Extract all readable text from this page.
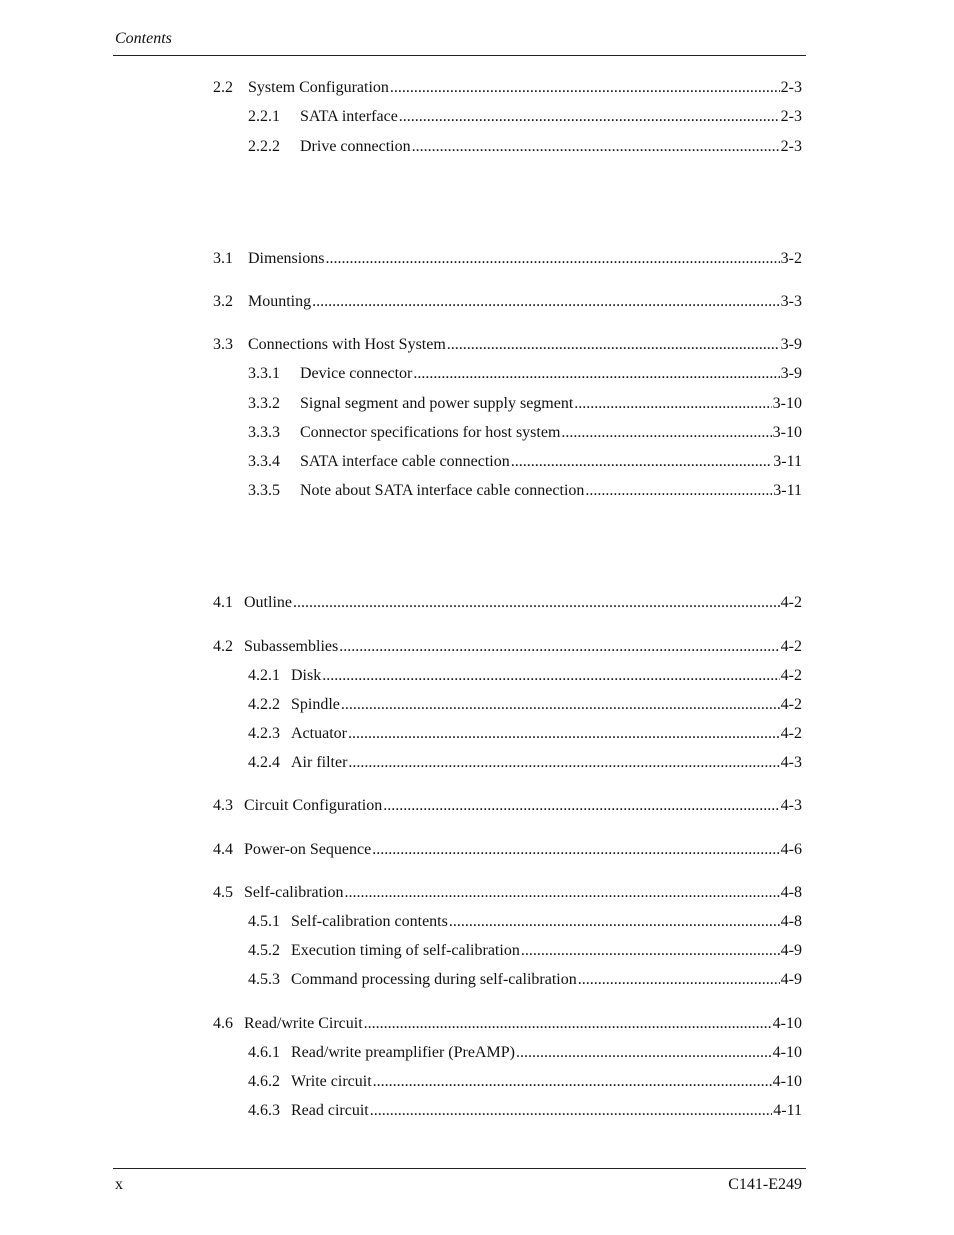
Contents
2.2 System Configuration .....	2-3
2.2.1	SATA interface .....	2-3
2.2.2	Drive connection .....	2-3
3.1 Dimensions .....	3-2
3.2 Mounting .....	3-3
3.3 Connections with Host System .....	3-9
3.3.1	Device connector .....	3-9
3.3.2	Signal segment and power supply segment .....	3-10
3.3.3	Connector specifications for host system .....	3-10
3.3.4	SATA interface cable connection .....	3-11
3.3.5	Note about SATA interface cable connection .....	3-11
4.1 Outline .....	4-2
4.2 Subassemblies .....	4-2
4.2.1 Disk .....	4-2
4.2.2 Spindle .....	4-2
4.2.3 Actuator .....	4-2
4.2.4 Air filter .....	4-3
4.3 Circuit Configuration .....	4-3
4.4 Power-on Sequence .....	4-6
4.5 Self-calibration .....	4-8
4.5.1 Self-calibration contents .....	4-8
4.5.2 Execution timing of self-calibration .....	4-9
4.5.3 Command processing during self-calibration .....	4-9
4.6 Read/write Circuit .....	4-10
4.6.1 Read/write preamplifier (PreAMP) .....	4-10
4.6.2 Write circuit .....	4-10
4.6.3 Read circuit .....	4-11
x	C141-E249
